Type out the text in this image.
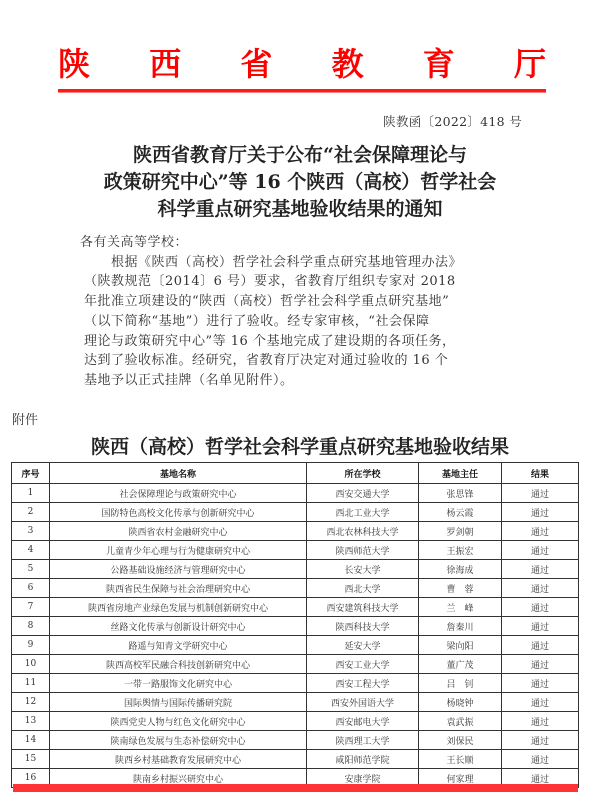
陕 西 省 教 育 厅
陕教函〔2022〕418 号
陕西省教育厅关于公布“社会保障理论与
政策研究中心”等 16 个陕西（高校）哲学社会
科学重点研究基地验收结果的通知
各有关高等学校：
　　根据《陕西（高校）哲学社会科学重点研究基地管理办法》
（陕教规范〔2014〕6 号）要求，省教育厅组织专家对 2018
年批准立项建设的“陕西（高校）哲学社会科学重点研究基地”
（以下简称“基地”）进行了验收。经专家审核，“社会保障
理论与政策研究中心”等 16 个基地完成了建设期的各项任务，
达到了验收标准。经研究，省教育厅决定对通过验收的 16 个
基地予以正式挂牌（名单见附件）。
附件
陕西（高校）哲学社会科学重点研究基地验收结果
序号	基地名称	所在学校	基地主任	结果
1	社会保障理论与政策研究中心	西安交通大学	张思锋	通过
2	国防特色高校文化传承与创新研究中心	西北工业大学	杨云霞	通过
3	陕西省农村金融研究中心	西北农林科技大学	罗剑朝	通过
4	儿童青少年心理与行为健康研究中心	陕西师范大学	王振宏	通过
5	公路基础设施经济与管理研究中心	长安大学	徐海成	通过
6	陕西省民生保障与社会治理研究中心	西北大学	曹　蓉	通过
7	陕西省房地产业绿色发展与机制创新研究中心	西安建筑科技大学	兰　峰	通过
8	丝路文化传承与创新设计研究中心	陕西科技大学	詹秦川	通过
9	路遥与知青文学研究中心	延安大学	梁向阳	通过
10	陕西高校军民融合科技创新研究中心	西安工业大学	董广茂	通过
11	一带一路服饰文化研究中心	西安工程大学	吕　钊	通过
12	国际舆情与国际传播研究院	西安外国语大学	杨晓钟	通过
13	陕西党史人物与红色文化研究中心	西安邮电大学	袁武振	通过
14	陕南绿色发展与生态补偿研究中心	陕西理工大学	刘保民	通过
15	陕西乡村基础教育发展研究中心	咸阳师范学院	王长顺	通过
16	陕南乡村振兴研究中心	安康学院	何家理	通过
